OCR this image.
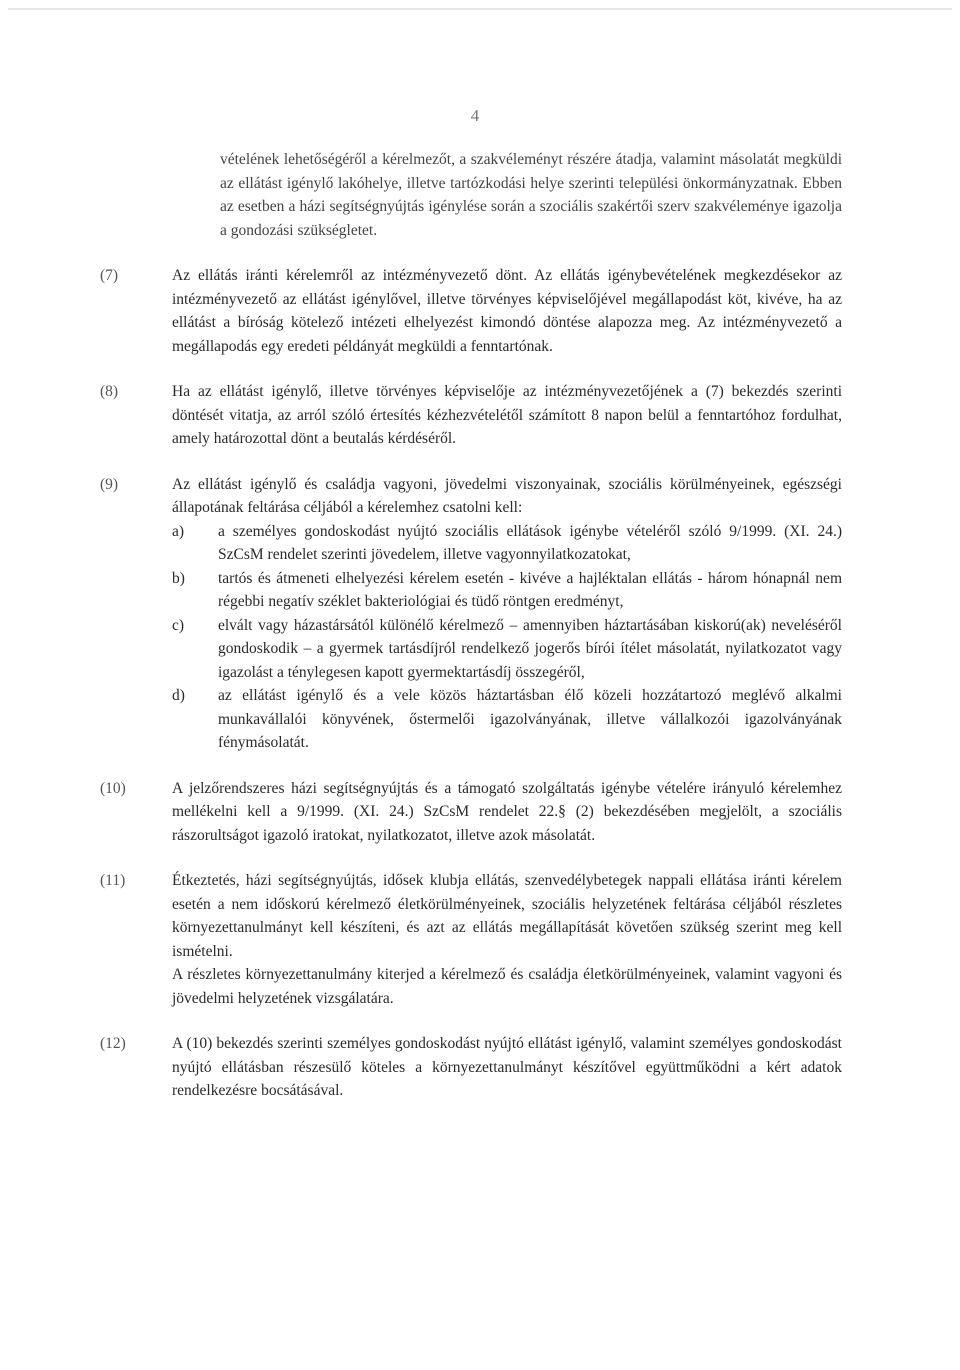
4

vételének lehetőségéről a kérelmezőt, a szakvéleményt részére átadja, valamint másolatát megküldi az ellátást igénylő lakóhelye, illetve tartózkodási helye szerinti települési önkormányzatnak. Ebben az esetben a házi segítségnyújtás igénylése során a szociális szakértői szerv szakvéleménye igazolja a gondozási szükségletet.

(7)	Az ellátás iránti kérelemről az intézményvezető dönt. Az ellátás igénybevételének megkezdésekor az intézményvezető az ellátást igénylővel, illetve törvényes képviselőjével megállapodást köt, kivéve, ha az ellátást a bíróság kötelező intézeti elhelyezést kimondó döntése alapozza meg. Az intézményvezető a megállapodás egy eredeti példányát megküldi a fenntartónak.

(8)	Ha az ellátást igénylő, illetve törvényes képviselője az intézményvezetőjének a (7) bekezdés szerinti döntését vitatja, az arról szóló értesítés kézhezvételétől számított 8 napon belül a fenntartóhoz fordulhat, amely határozottal dönt a beutalás kérdéséről.

(9)	Az ellátást igénylő és családja vagyoni, jövedelmi viszonyainak, szociális körülményeinek, egészségi állapotának feltárása céljából a kérelemhez csatolni kell:

a)	a személyes gondoskodást nyújtó szociális ellátások igénybe vételéről szóló 9/1999. (XI. 24.) SzCsM rendelet szerinti jövedelem, illetve vagyonnyilatkozatokat,
b)	tartós és átmeneti elhelyezési kérelem esetén - kivéve a hajléktalan ellátás - három hónapnál nem régebbi negatív széklet bakteriológiai és tüdő röntgen eredményt,
c)	elvált vagy házastársától különélő kérelmező – amennyiben háztartásában kiskorú(ak) neveléséről gondoskodik – a gyermek tartásdíjról rendelkező jogerős bírói ítélet másolatát, nyilatkozatot vagy igazolást a ténylegesen kapott gyermektartásdíj összegéről,
d)	az ellátást igénylő és a vele közös háztartásban élő közeli hozzátartozó meglévő alkalmi munkavállalói könyvének, őstermelői igazolványának, illetve vállalkozói igazolványának fénymásolatát.
(10)	A jelzőrendszeres házi segítségnyújtás és a támogató szolgáltatás igénybe vételére irányuló kérelemhez mellékelni kell a 9/1999. (XI. 24.) SzCsM rendelet 22.§ (2) bekezdésében megjelölt, a szociális rászorultságot igazoló iratokat, nyilatkozatot, illetve azok másolatát.

(11)	Étkeztetés, házi segítségnyújtás, idősek klubja ellátás, szenvedélybetegek nappali ellátása iránti kérelem esetén a nem időskorú kérelmező életkörülményeinek, szociális helyzetének feltárása céljából részletes környezettanulmányt kell készíteni, és azt az ellátás megállapítását követően szükség szerint meg kell ismételni.

A részletes környezettanulmány kiterjed a kérelmező és családja életkörülményeinek, valamint vagyoni és jövedelmi helyzetének vizsgálatára.

(12)	A (10) bekezdés szerinti személyes gondoskodást nyújtó ellátást igénylő, valamint személyes gondoskodást nyújtó ellátásban részesülő köteles a környezettanulmányt készítővel együttműködni a kért adatok rendelkezésre bocsátásával.
